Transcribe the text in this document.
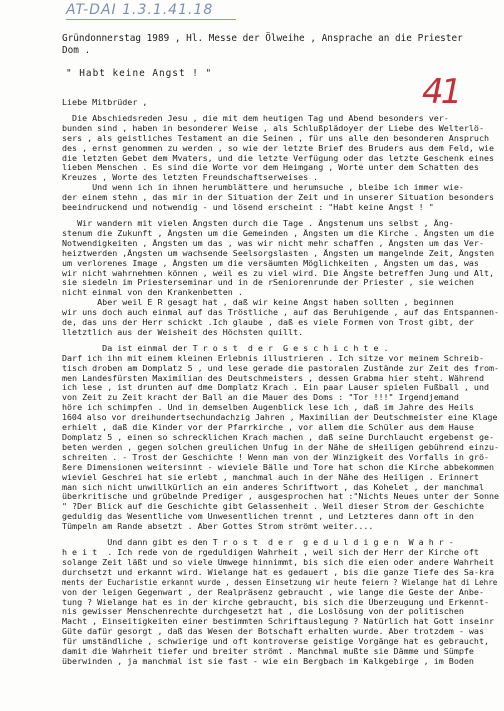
AT-DAI 1.3.1.41.18
41
Gründonnerstag 1989 , Hl. Messe der Ölweihe , Ansprache an die Priester
Dom .
" Habt keine Angst ! "
Liebe Mitbrüder ,
Die Abschiedsreden Jesu , die mit dem heutigen Tag und Abend besonders ver-
bunden sind , haben in besonderer Weise , als Schlußplädoyer der Liebe des Welterlö-
sers , als geistliches Testament an die Seinen , für uns alle den besonderen Anspruch
des , ernst genommen zu werden , so wie der letzte Brief des Bruders aus dem Feld, wie
die letzten Gebet dem Mvaters, und die letzte Verfügung oder das letzte Geschenk eines
lieben Menschen . Es sind die Worte vor dem Heimgang , Worte unter dem Schatten des
Kreuzes , Worte des letzten Freundschaftserweises .
Und wenn ich in ihnen herumblättere und herumsuche , bleibe ich immer wie-
der einem stehn , das mir in der Situation der Zeit und in unserer Situation besonders
beeindruckend und notwendig - und lösend erscheint : "Habt keine Angst ! "
Wir wandern mit vielen Ängsten durch die Tage . Ängstenum uns selbst , Äng-
stenum die Zukunft , Ängsten um die Gemeinden , Ängsten um die Kirche . Ängsten um die
Notwendigkeiten , Ängsten um das , was wir nicht mehr schaffen , Ängsten um das Ver-
heiztwerden ,Ängsten um wachsende Seelsorgslasten , Ängsten um mangelnde Zeit, Ängsten
um verlorenes Image , Ängsten um die versäumten Möglichkeiten , Ängsten um das, was
wir nicht wahrnehmen können , weil es zu viel wird. Die Ängste betreffen Jung und Alt,
sie siedeln im Priesterseminar und in de rSeniorenrunde der Priester , sie weichen
nicht einmal von den Krankenbetten .
Aber weil E R gesagt hat , daß wir keine Angst haben sollten , beginnen
wir uns doch auch einmal auf das Tröstliche , auf das Beruhigende , auf das Entspannen-
de, das uns der Herr schickt .Ich glaube , daß es viele Formen von Trost gibt, der
lletztlich aus der Weisheit des Höchsten quillt.
Da ist einmal der T r o s t  d e r  G e s c h i c h t e .
Darf ich ihn mit einem kleinen Erlebnis illustrieren . Ich sitze vor meinem Schreib-
tisch droben am Domplatz 5 , und lese gerade die pastoralen Zustände zur Zeit des from-
men Landesfürsten Maximilian des Deutschmeisters , dessen Grabma hier steht. Während
ich lese , ist drunten auf dme Domplatz Krach . Ein paar Lauser spielen Fußball , und
von Zeit zu Zeit kracht der Ball an die Mauer des Doms : "Tor !!!" Irgendjemand
höre ich schimpfen . Und in demselben Augenblick lese ich , daß im Jahre des Heils
1604 also vor dreihundertsechundachzig Jahren , Maximilian der Deutschmeister eine Klage
erhielt , daß die Kinder vor der Pfarrkirche , vor allem die Schüler aus dem Hause
Domplatz 5 , einen so schrecklichen Krach machen , daß seine Durchlaucht ergebenst ge-
beten werden , gegen solchen greulichen Unfug in der Nähe de sHeiligen gebührend einzu-
schreiten . - Trost der Geschichte ! Wenn man von der Winzigkeit des Vorfalls in grö-
ßere Dimensionen weitersinnt - wieviele Bälle und Tore hat schon die Kirche abbekommen
wieviel Geschrei hat sie erlebt , manchmal auch in der Nähe des Heiligen . Erinnert
man sich nicht unwillkürlich an ein anderes Schriftwort , das Kohelet , der manchmal
überkritische und grübelnde Prediger , ausgesprochen hat :"Nichts Neues unter der Sonne
" ?Der Blick auf die Geschichte gibt Gelassenheit . Weil dieser Strom der Geschichte
geduldig das Wesentliche vom Unwesentlichen trennt , und Letzteres dann oft in den
Tümpeln am Rande absetzt . Aber Gottes Strom strömt weiter....
Und dann gibt es den T r o s t  d e r  g e d u l d i g e n  W a h r -
h e i t  . Ich rede von de rgeduldigen Wahrheit , weil sich der Herr der Kirche oft
solange Zeit läßt und so viele Umwege hinnimmt, bis sich die eien oder andere Wahrheit
durchsetzt und erkannt wird. Wielange hat es gedauert , bis die ganze Tiefe des Sa-kra
ments der Eucharistie erkannt wurde , dessen Einsetzung wir heute feiern ? Wielange hat di Lehre
von der leigen Gegenwart , der Realpräsenz gebraucht , wie lange die Geste der Anbe-
tung ? Wielange hat es in der kirche gebraucht, bis sich die Überzeugung und Erkennt-
nis gewisser Menschenrechte durchgesetzt hat , die Loslösung von der politischen
Macht , Einseitigkeiten einer bestimmten Schriftauslegung ? Natürlich hat Gott inseinr
Güte dafür gesorgt , daß das Wesen der Botschaft erhalten wurde. Aber trotzdem - was
für umständliche , schwierige und oft kontroverse geistige Vorgänge hat es gebraucht,
damit die Wahrheit tiefer und breiter strömt . Manchmal mußte sie Dämme und Sümpfe
überwinden , ja manchmal ist sie fast - wie ein Bergbach im Kalkgebirge , im Boden
